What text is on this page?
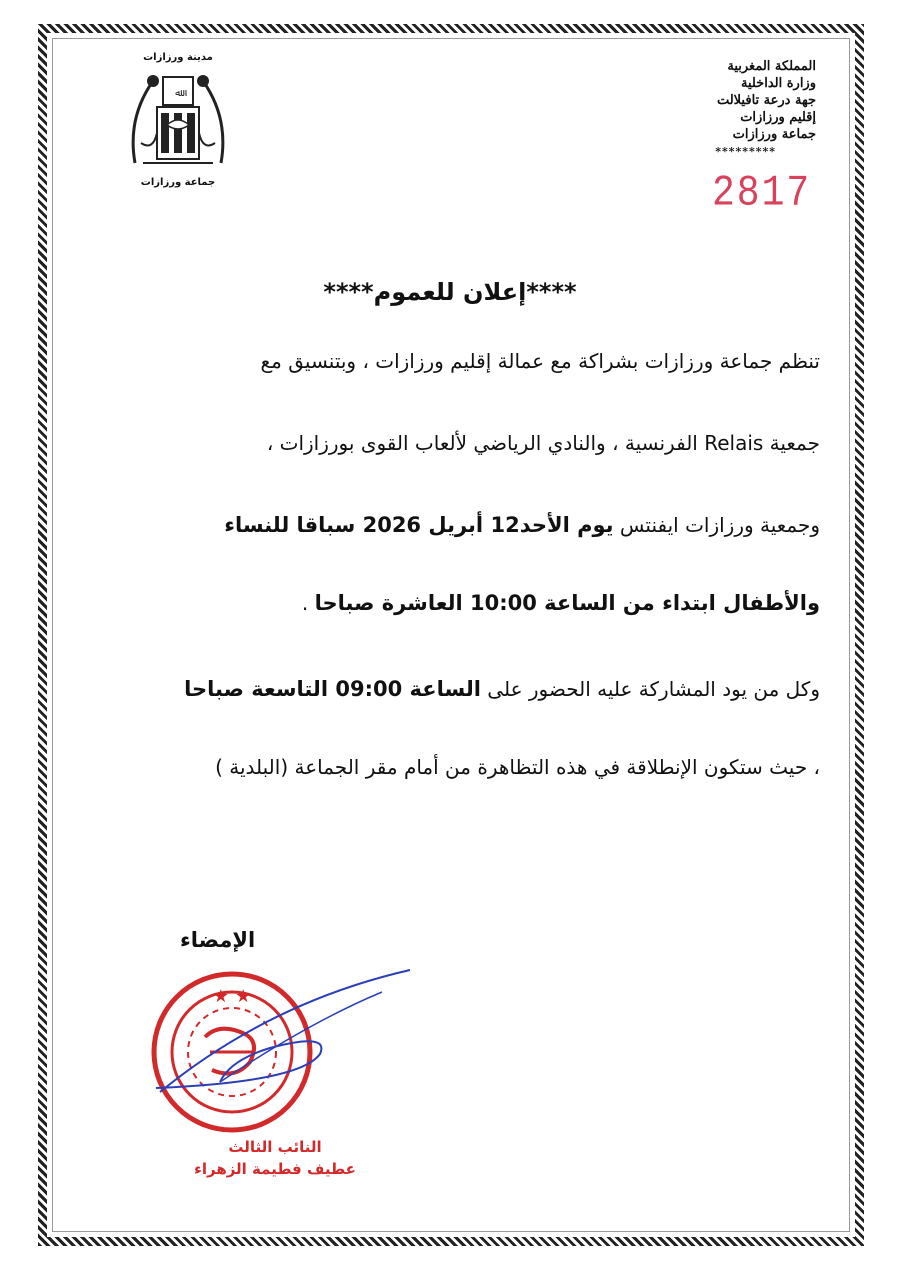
مدينة ورزازات
ﷲ
جماعة ورزازات
المملكة المغربية
وزارة الداخلية
جهة درعة تافيلالت
إقليم ورزازات
جماعة ورزازات
*********
2817
****إعلان للعموم****
تنظم جماعة ورزازات بشراكة مع عمالة إقليم ورزازات ، وبتنسيق مع
جمعية Relais الفرنسية ، والنادي الرياضي لألعاب القوى بورزازات ،
وجمعية ورزازات ايفنتس يوم الأحد12 أبريل 2026 سباقا للنساء
والأطفال ابتداء من الساعة 10:00 العاشرة صباحا .
وكل من يود المشاركة عليه الحضور على الساعة 09:00 التاسعة صباحا
، حيث ستكون الإنطلاقة في هذه التظاهرة من أمام مقر الجماعة (البلدية )
الإمضاء
★ ★
النائب الثالث
عطيف فطيمة الزهراء
